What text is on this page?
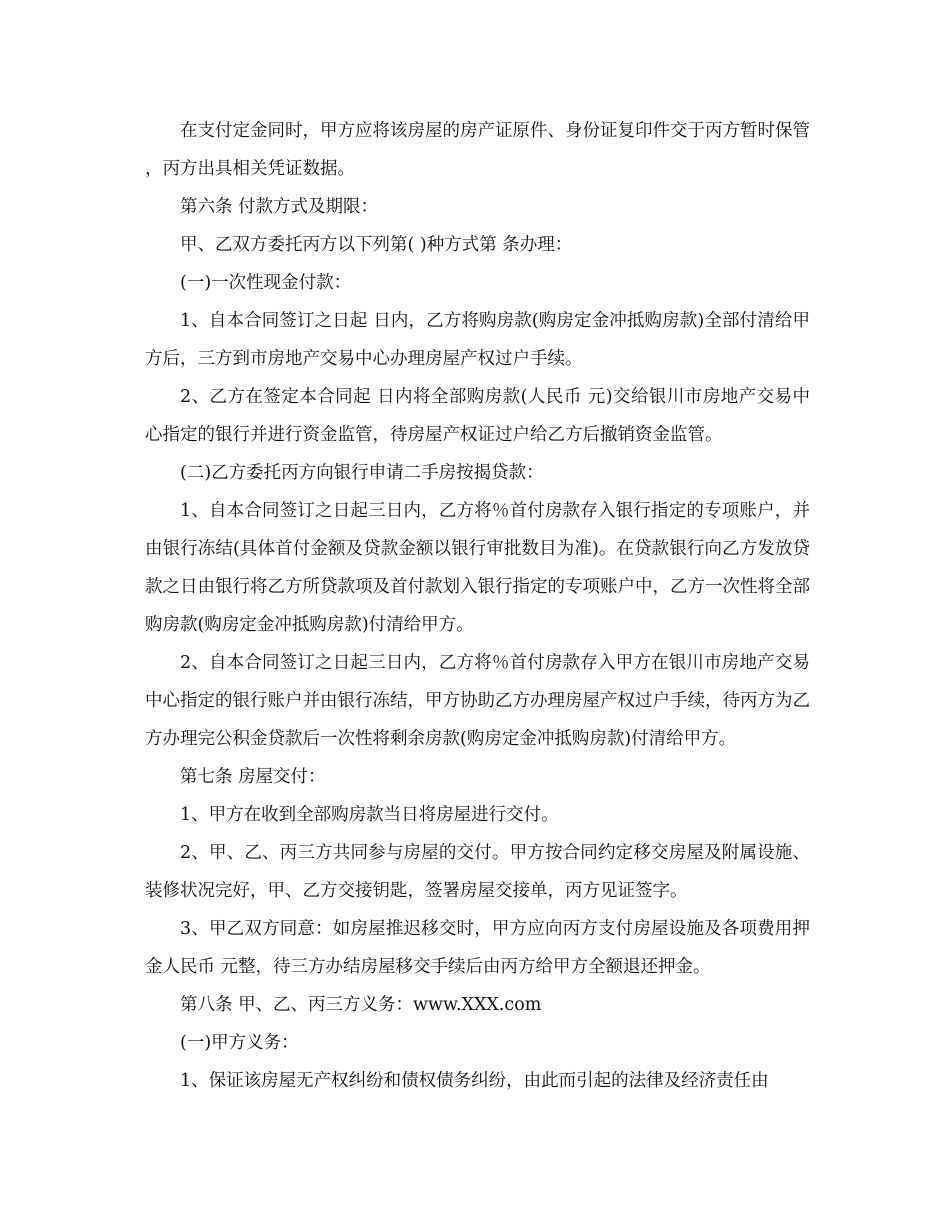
在支付定金同时，甲方应将该房屋的房产证原件、身份证复印件交于丙方暂时保管，丙方出具相关凭证数据。

第六条 付款方式及期限：

甲、乙双方委托丙方以下列第( )种方式第 条办理：

(一)一次性现金付款：

1、自本合同签订之日起 日内，乙方将购房款(购房定金冲抵购房款)全部付清给甲方后，三方到市房地产交易中心办理房屋产权过户手续。

2、乙方在签定本合同起 日内将全部购房款(人民币 元)交给银川市房地产交易中心指定的银行并进行资金监管，待房屋产权证过户给乙方后撤销资金监管。

(二)乙方委托丙方向银行申请二手房按揭贷款：

1、自本合同签订之日起三日内，乙方将％首付房款存入银行指定的专项账户，并由银行冻结(具体首付金额及贷款金额以银行审批数目为准)。在贷款银行向乙方发放贷款之日由银行将乙方所贷款项及首付款划入银行指定的专项账户中，乙方一次性将全部购房款(购房定金冲抵购房款)付清给甲方。

2、自本合同签订之日起三日内，乙方将％首付房款存入甲方在银川市房地产交易中心指定的银行账户并由银行冻结，甲方协助乙方办理房屋产权过户手续，待丙方为乙方办理完公积金贷款后一次性将剩余房款(购房定金冲抵购房款)付清给甲方。

第七条 房屋交付：

1、甲方在收到全部购房款当日将房屋进行交付。

2、甲、乙、丙三方共同参与房屋的交付。甲方按合同约定移交房屋及附属设施、装修状况完好，甲、乙方交接钥匙，签署房屋交接单，丙方见证签字。

3、甲乙双方同意：如房屋推迟移交时，甲方应向丙方支付房屋设施及各项费用押金人民币 元整，待三方办结房屋移交手续后由丙方给甲方全额退还押金。

第八条 甲、乙、丙三方义务：www.XXX.com

(一)甲方义务：

1、保证该房屋无产权纠纷和债权债务纠纷，由此而引起的法律及经济责任由
